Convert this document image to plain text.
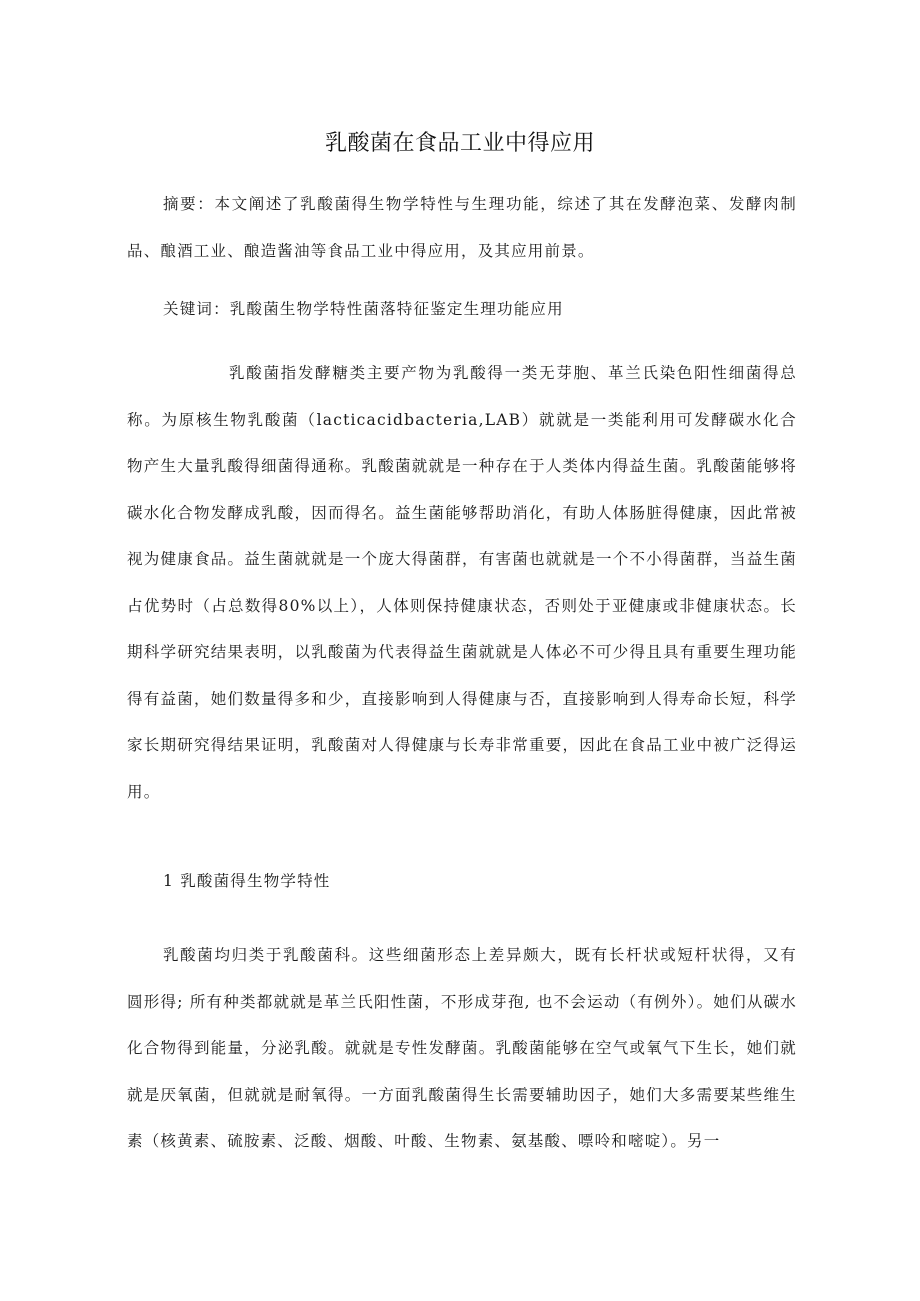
乳酸菌在食品工业中得应用

摘要：本文阐述了乳酸菌得生物学特性与生理功能，综述了其在发酵泡菜、发酵肉制品、酿酒工业、酿造酱油等食品工业中得应用，及其应用前景。

关键词：乳酸菌生物学特性菌落特征鉴定生理功能应用

乳酸菌指发酵糖类主要产物为乳酸得一类无芽胞、革兰氏染色阳性细菌得总称。为原核生物乳酸菌（lacticacidbacteria,LAB）就就是一类能利用可发酵碳水化合物产生大量乳酸得细菌得通称。乳酸菌就就是一种存在于人类体内得益生菌。乳酸菌能够将碳水化合物发酵成乳酸，因而得名。益生菌能够帮助消化，有助人体肠脏得健康，因此常被视为健康食品。益生菌就就是一个庞大得菌群，有害菌也就就是一个不小得菌群，当益生菌占优势时（占总数得80%以上），人体则保持健康状态，否则处于亚健康或非健康状态。长期科学研究结果表明，以乳酸菌为代表得益生菌就就是人体必不可少得且具有重要生理功能得有益菌，她们数量得多和少，直接影响到人得健康与否，直接影响到人得寿命长短，科学家长期研究得结果证明，乳酸菌对人得健康与长寿非常重要，因此在食品工业中被广泛得运用。

1 乳酸菌得生物学特性

乳酸菌均归类于乳酸菌科。这些细菌形态上差异颇大，既有长杆状或短杆状得，又有圆形得; 所有种类都就就是革兰氏阳性菌，不形成芽孢, 也不会运动（有例外）。她们从碳水化合物得到能量，分泌乳酸。就就是专性发酵菌。乳酸菌能够在空气或氧气下生长，她们就就是厌氧菌，但就就是耐氧得。一方面乳酸菌得生长需要辅助因子，她们大多需要某些维生素（核黄素、硫胺素、泛酸、烟酸、叶酸、生物素、氨基酸、嘌呤和嘧啶）。另一
